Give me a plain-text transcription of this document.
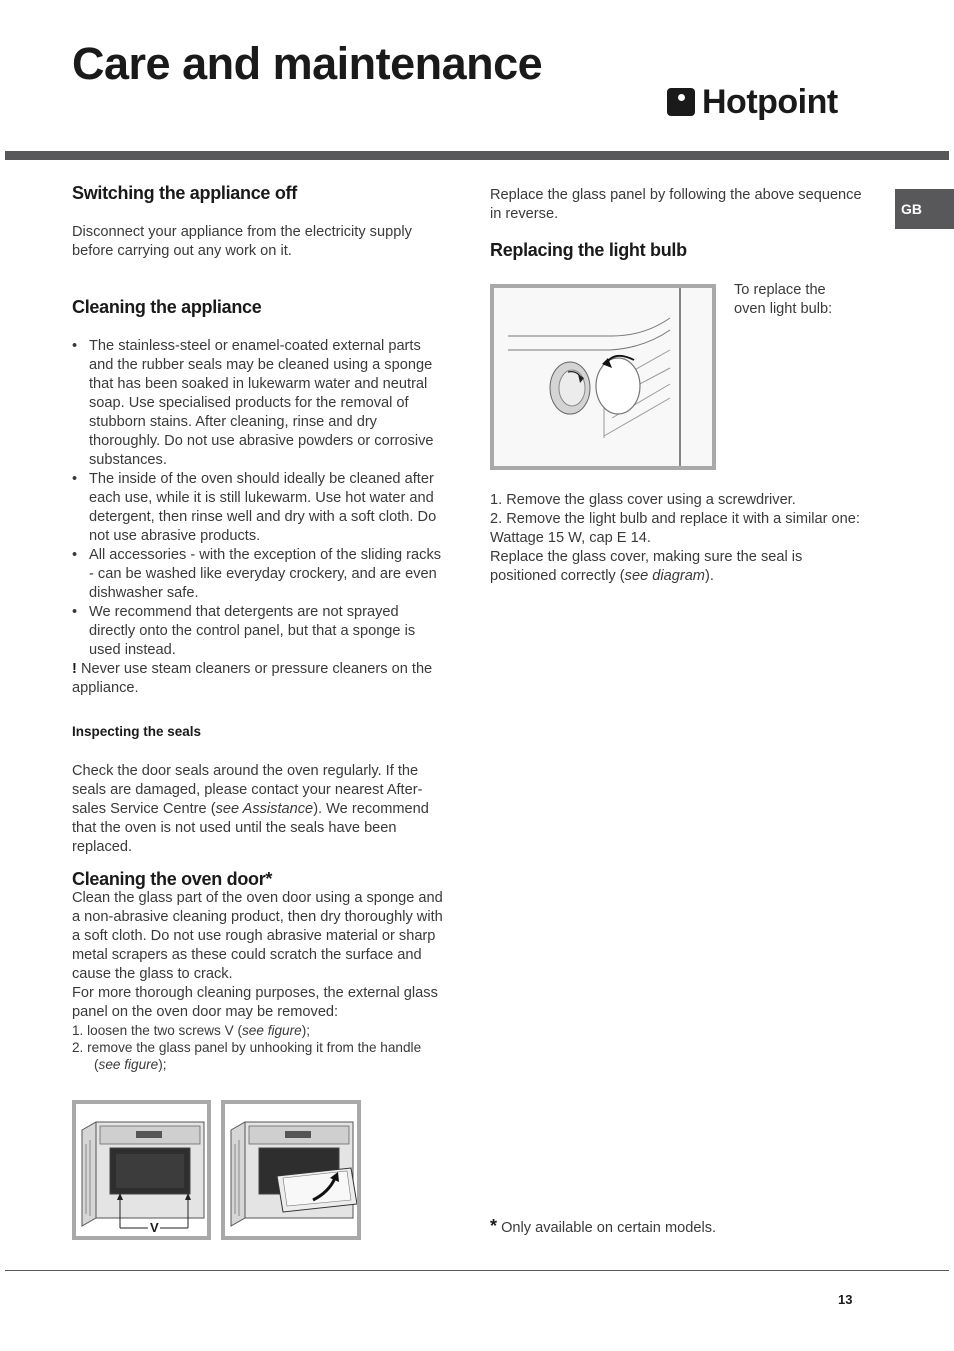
Care and maintenance
Hotpoint
GB
Switching the appliance off

Disconnect your appliance from the electricity supply before carrying out any work on it.

Cleaning the appliance
• The stainless-steel or enamel-coated external parts and the rubber seals may be cleaned using a sponge that has been soaked in lukewarm water and neutral soap. Use specialised products for the removal of stubborn stains. After cleaning, rinse and dry thoroughly. Do not use abrasive powders or corrosive substances.
• The inside of the oven should ideally be cleaned after each use, while it is still lukewarm. Use hot water and detergent, then rinse well and dry with a soft cloth. Do not use abrasive products.
• All accessories - with the exception of the sliding racks - can be washed like everyday crockery, and are even dishwasher safe.
• We recommend that detergents are not sprayed directly onto the control panel, but that a sponge is used instead.

! Never use steam cleaners or pressure cleaners on the appliance.

Inspecting the seals

Check the door seals around the oven regularly. If the seals are damaged, please contact your nearest After-sales Service Centre (see Assistance). We recommend that the oven is not used until the seals have been replaced.

Cleaning the oven door*

Clean the glass part of the oven door using a sponge and a non-abrasive cleaning product, then dry thoroughly with a soft cloth. Do not use rough abrasive material or sharp metal scrapers as these could scratch the surface and cause the glass to crack.

For more thorough cleaning purposes, the external glass panel on the oven door may be removed:

1. loosen the two screws V (see figure);

2. remove the glass panel by unhooking it from the handle (see figure);

V

Replace the glass panel by following the above sequence in reverse.

Replacing the light bulb

To replace the oven light bulb:

1. Remove the glass cover using a screwdriver.

2. Remove the light bulb and replace it with a similar one: Wattage 15 W, cap E 14.

Replace the glass cover, making sure the seal is positioned correctly (see diagram).

* Only available on certain models.
13
